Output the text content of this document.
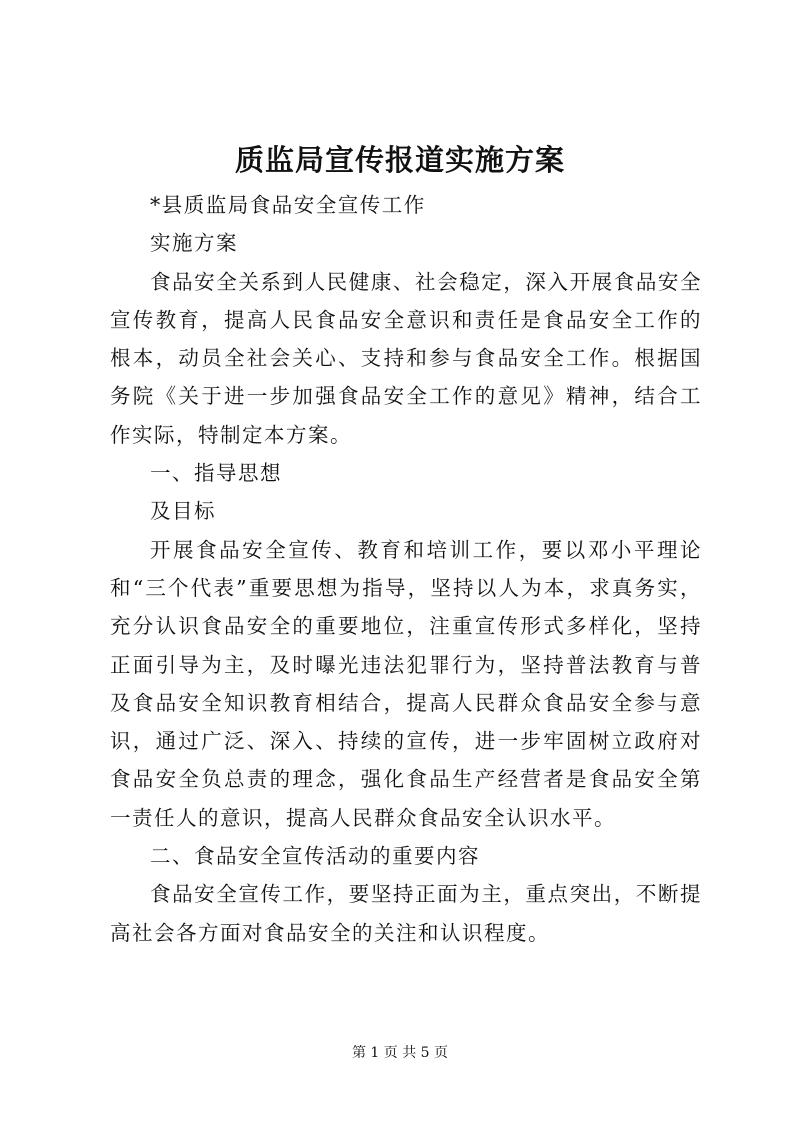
质监局宣传报道实施方案

*县质监局食品安全宣传工作

实施方案

食品安全关系到人民健康、社会稳定，深入开展食品安全宣传教育，提高人民食品安全意识和责任是食品安全工作的根本，动员全社会关心、支持和参与食品安全工作。根据国务院《关于进一步加强食品安全工作的意见》精神，结合工作实际，特制定本方案。

一、指导思想

及目标

开展食品安全宣传、教育和培训工作，要以邓小平理论和“三个代表”重要思想为指导，坚持以人为本，求真务实，充分认识食品安全的重要地位，注重宣传形式多样化，坚持正面引导为主，及时曝光违法犯罪行为，坚持普法教育与普及食品安全知识教育相结合，提高人民群众食品安全参与意识，通过广泛、深入、持续的宣传，进一步牢固树立政府对食品安全负总责的理念，强化食品生产经营者是食品安全第一责任人的意识，提高人民群众食品安全认识水平。

二、食品安全宣传活动的重要内容

食品安全宣传工作，要坚持正面为主，重点突出，不断提高社会各方面对食品安全的关注和认识程度。

第 1 页 共 5 页
